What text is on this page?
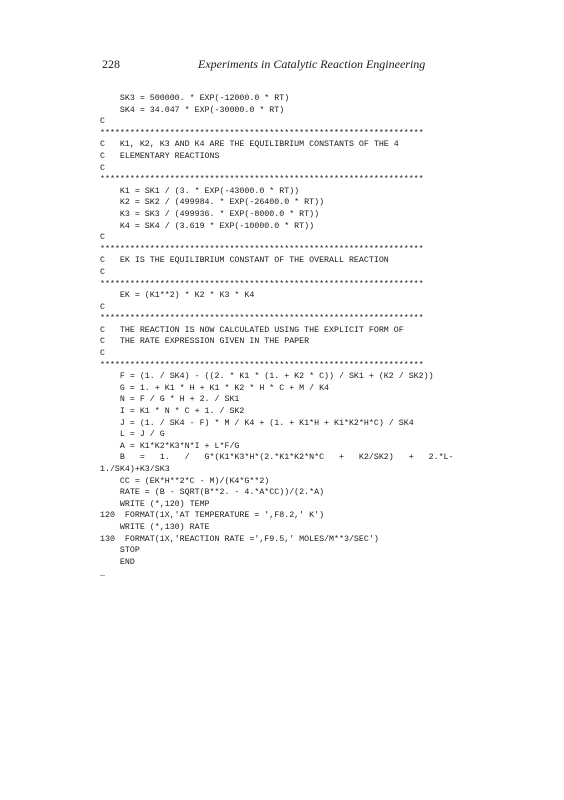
228	Experiments in Catalytic Reaction Engineering
SK3 = 500000. * EXP(-12000.0 * RT)
SK4 = 34.047 * EXP(-30000.0 * RT)
C
*****************************************************************
C   K1, K2, K3 AND K4 ARE THE EQUILIBRIUM CONSTANTS OF THE 4
C   ELEMENTARY REACTIONS
C
*****************************************************************
K1 = SK1 / (3. * EXP(-43000.0 * RT))
K2 = SK2 / (499984. * EXP(-26400.0 * RT))
K3 = SK3 / (499936. * EXP(-8000.0 * RT))
K4 = SK4 / (3.619 * EXP(-10000.0 * RT))
C
*****************************************************************
C   EK IS THE EQUILIBRIUM CONSTANT OF THE OVERALL REACTION
C
*****************************************************************
EK = (K1**2) * K2 * K3 * K4
C
*****************************************************************
C   THE REACTION IS NOW CALCULATED USING THE EXPLICIT FORM OF
C   THE RATE EXPRESSION GIVEN IN THE PAPER
C
*****************************************************************
F = (1. / SK4) - ((2. * K1 * (1. + K2 * C)) / SK1 + (K2 / SK2))
G = 1. + K1 * H + K1 * K2 * H * C + M / K4
N = F / G * H + 2. / SK1
I = K1 * N * C + 1. / SK2
J = (1. / SK4 - F) * M / K4 + (1. + K1*H + K1*K2*H*C) / SK4
L = J / G
A = K1*K2*K3*N*I + L*F/G
B   =   1.   /   G*(K1*K3*H*(2.*K1*K2*N*C   +   K2/SK2)   +   2.*L-
1./SK4)+K3/SK3
CC = (EK*H**2*C - M)/(K4*G**2)
RATE = (B - SQRT(B**2. - 4.*A*CC))/(2.*A)
WRITE (*,120) TEMP
120  FORMAT(1X,'AT TEMPERATURE = ',F8.2,' K')
WRITE (*,130) RATE
130  FORMAT(1X,'REACTION RATE =',F9.5,' MOLES/M**3/SEC')
STOP
END
_
